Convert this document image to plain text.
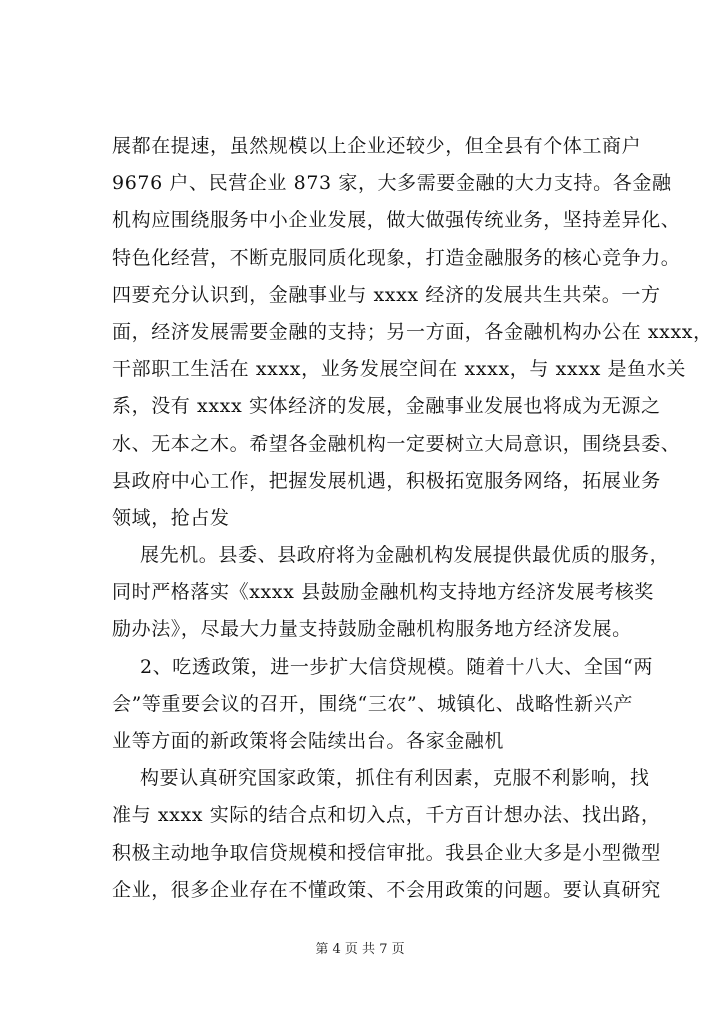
展都在提速，虽然规模以上企业还较少，但全县有个体工商户
9676 户、民营企业 873 家，大多需要金融的大力支持。各金融
机构应围绕服务中小企业发展，做大做强传统业务，坚持差异化、
特色化经营，不断克服同质化现象，打造金融服务的核心竞争力。
四要充分认识到，金融事业与 xxxx 经济的发展共生共荣。一方
面，经济发展需要金融的支持；另一方面，各金融机构办公在 xxxx，
干部职工生活在 xxxx，业务发展空间在 xxxx，与 xxxx 是鱼水关
系，没有 xxxx 实体经济的发展，金融事业发展也将成为无源之
水、无本之木。希望各金融机构一定要树立大局意识，围绕县委、
县政府中心工作，把握发展机遇，积极拓宽服务网络，拓展业务
领域，抢占发
展先机。县委、县政府将为金融机构发展提供最优质的服务，
同时严格落实《xxxx 县鼓励金融机构支持地方经济发展考核奖
励办法》，尽最大力量支持鼓励金融机构服务地方经济发展。
2、吃透政策，进一步扩大信贷规模。随着十八大、全国“两
会”等重要会议的召开，围绕“三农”、城镇化、战略性新兴产
业等方面的新政策将会陆续出台。各家金融机
构要认真研究国家政策，抓住有利因素，克服不利影响，找
准与 xxxx 实际的结合点和切入点，千方百计想办法、找出路，
积极主动地争取信贷规模和授信审批。我县企业大多是小型微型
企业，很多企业存在不懂政策、不会用政策的问题。要认真研究
第 4 页 共 7 页
